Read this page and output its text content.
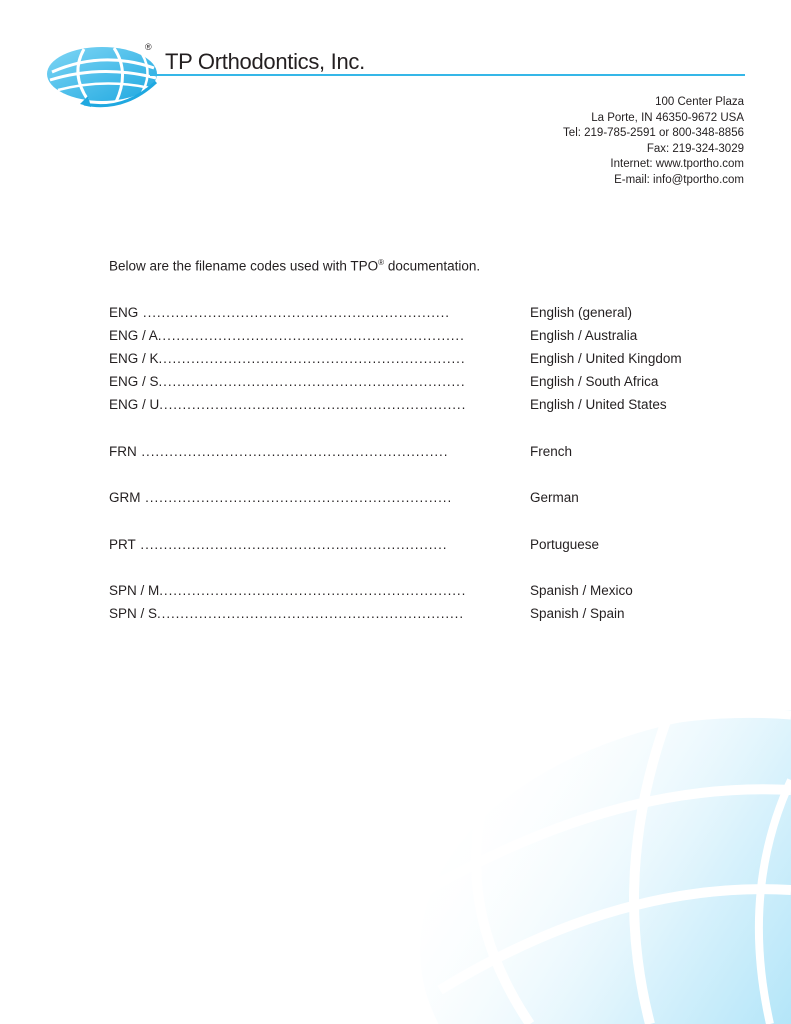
®
TP Orthodontics, Inc.
100 Center Plaza
La Porte, IN 46350-9672 USA
Tel: 219-785-2591 or 800-348-8856
Fax: 219-324-3029
Internet: www.tportho.com
E-mail: info@tportho.com
Below are the filename codes used with TPO® documentation.
ENG ..................................................................	English (general)
ENG / A..................................................................	English / Australia
ENG / K..................................................................	English / United Kingdom
ENG / S..................................................................	English / South Africa
ENG / U..................................................................	English / United States
FRN ..................................................................	French
GRM ..................................................................	German
PRT ..................................................................	Portuguese
SPN / M..................................................................	Spanish / Mexico
SPN / S..................................................................	Spanish / Spain
